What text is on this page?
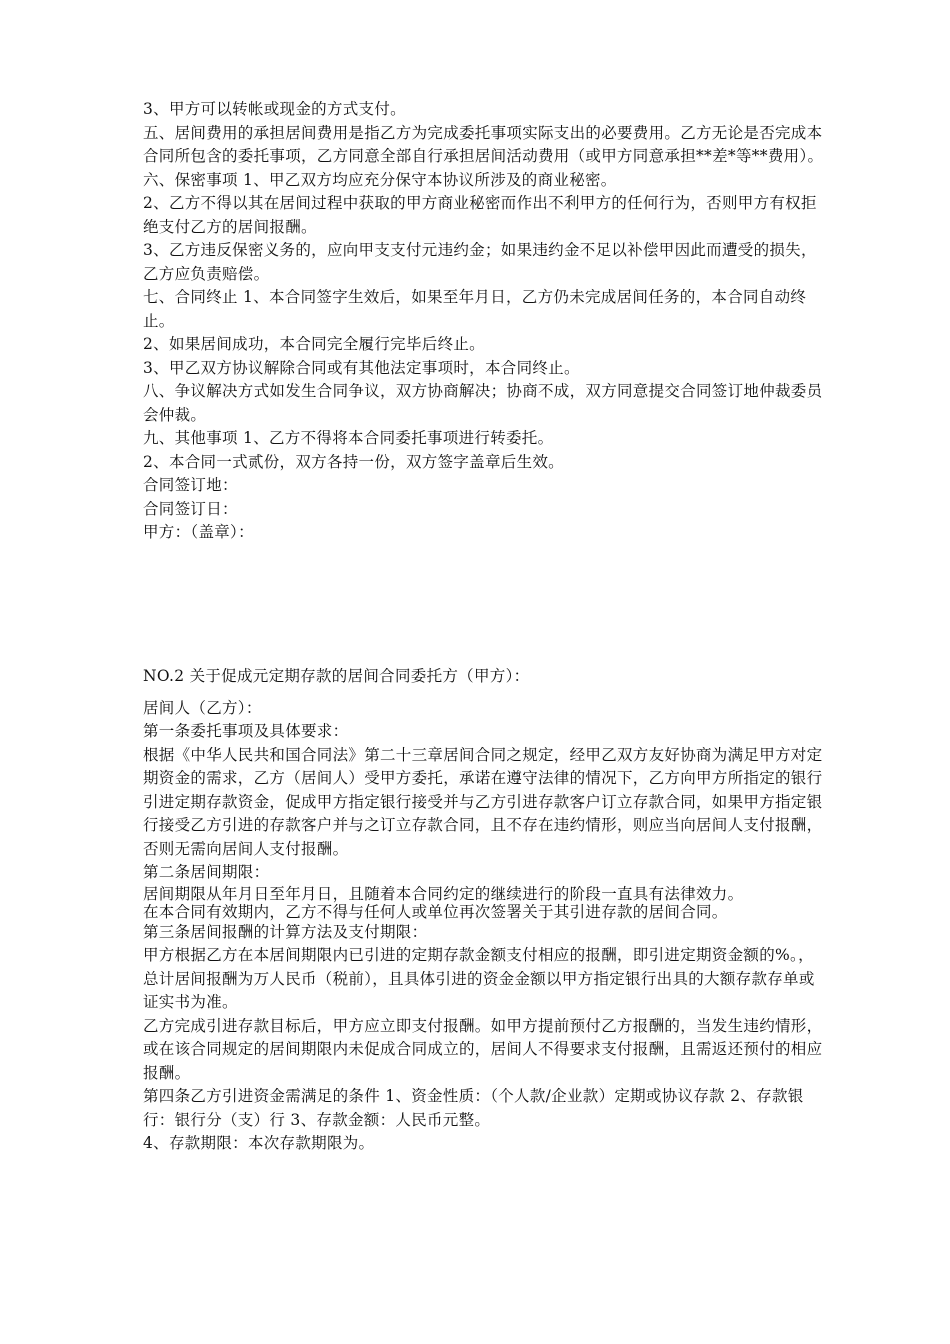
3、甲方可以转帐或现金的方式支付。

五、居间费用的承担居间费用是指乙方为完成委托事项实际支出的必要费用。乙方无论是否完成本合同所包含的委托事项，乙方同意全部自行承担居间活动费用（或甲方同意承担**差*等**费用）。

六、保密事项 1、甲乙双方均应充分保守本协议所涉及的商业秘密。

2、乙方不得以其在居间过程中获取的甲方商业秘密而作出不利甲方的任何行为，否则甲方有权拒绝支付乙方的居间报酬。

3、乙方违反保密义务的，应向甲支支付元违约金；如果违约金不足以补偿甲因此而遭受的损失，乙方应负责赔偿。

七、合同终止 1、本合同签字生效后，如果至年月日，乙方仍未完成居间任务的，本合同自动终止。

2、如果居间成功，本合同完全履行完毕后终止。

3、甲乙双方协议解除合同或有其他法定事项时，本合同终止。

八、争议解决方式如发生合同争议，双方协商解决；协商不成，双方同意提交合同签订地仲裁委员会仲裁。

九、其他事项 1、乙方不得将本合同委托事项进行转委托。

2、本合同一式贰份，双方各持一份，双方签字盖章后生效。

合同签订地：

合同签订日：

甲方：（盖章）：

NO.2 关于促成元定期存款的居间合同委托方（甲方）：

居间人（乙方）：

第一条委托事项及具体要求：

根据《中华人民共和国合同法》第二十三章居间合同之规定，经甲乙双方友好协商为满足甲方对定期资金的需求，乙方（居间人）受甲方委托，承诺在遵守法律的情况下，乙方向甲方所指定的银行引进定期存款资金，促成甲方指定银行接受并与乙方引进存款客户订立存款合同，如果甲方指定银行接受乙方引进的存款客户并与之订立存款合同，且不存在违约情形，则应当向居间人支付报酬，否则无需向居间人支付报酬。

第二条居间期限：

居间期限从年月日至年月日，且随着本合同约定的继续进行的阶段一直具有法律效力。

在本合同有效期内，乙方不得与任何人或单位再次签署关于其引进存款的居间合同。

第三条居间报酬的计算方法及支付期限：

甲方根据乙方在本居间期限内已引进的定期存款金额支付相应的报酬，即引进定期资金额的%。，总计居间报酬为万人民币（税前），且具体引进的资金金额以甲方指定银行出具的大额存款存单或证实书为准。

乙方完成引进存款目标后，甲方应立即支付报酬。如甲方提前预付乙方报酬的，当发生违约情形，或在该合同规定的居间期限内未促成合同成立的，居间人不得要求支付报酬，且需返还预付的相应报酬。

第四条乙方引进资金需满足的条件 1、资金性质：（个人款/企业款）定期或协议存款 2、存款银行：银行分（支）行 3、存款金额：人民币元整。

4、存款期限：本次存款期限为。
